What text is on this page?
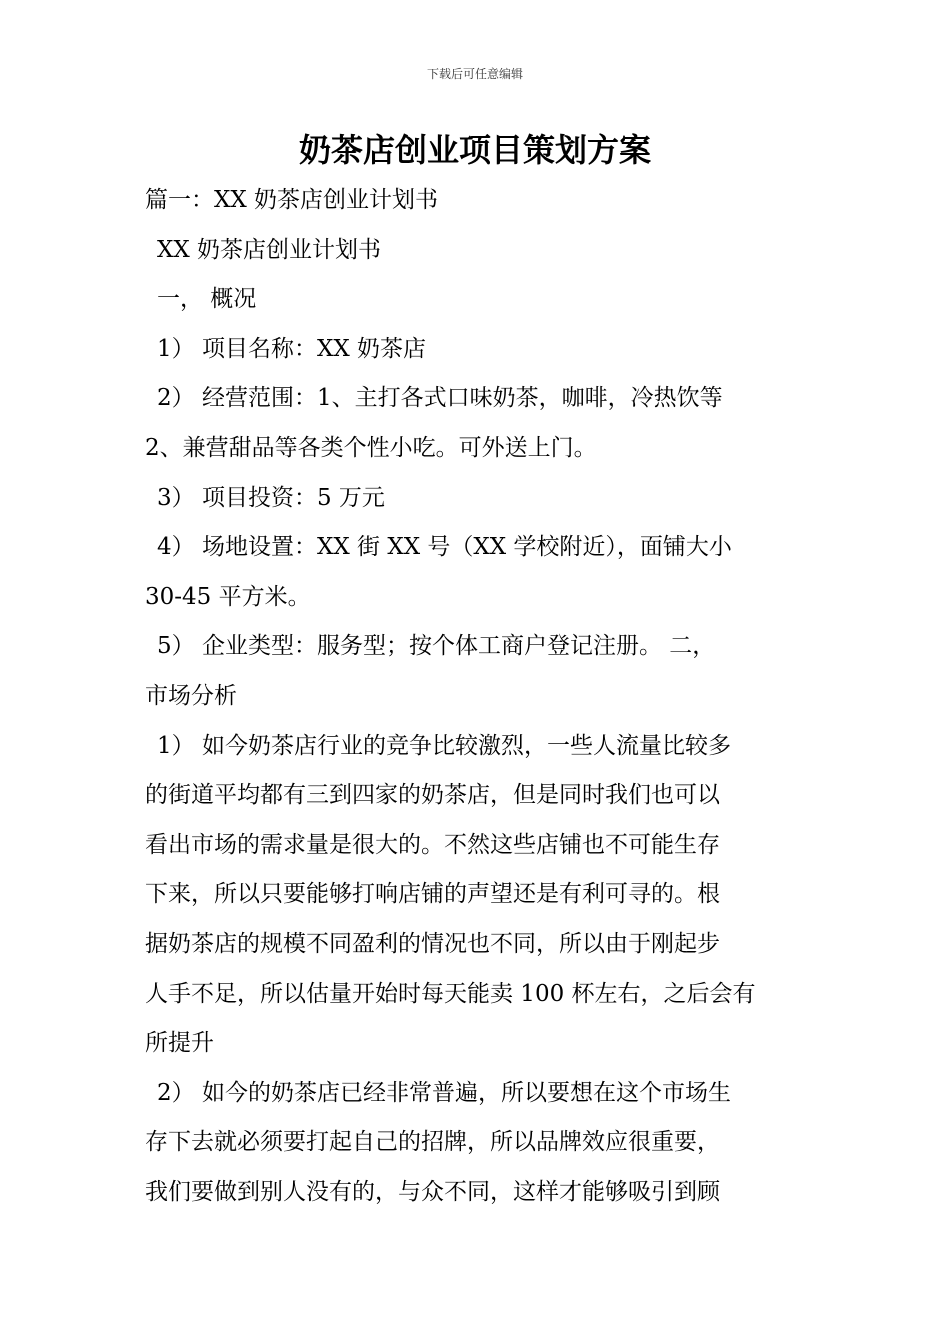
下载后可任意编辑
奶茶店创业项目策划方案

篇一：XX 奶茶店创业计划书

XX 奶茶店创业计划书

一， 概况

1） 项目名称：XX 奶茶店

2） 经营范围：1、主打各式口味奶茶，咖啡，冷热饮等

2、兼营甜品等各类个性小吃。可外送上门。

3） 项目投资：5 万元

4） 场地设置：XX 街 XX 号（XX 学校附近），面铺大小

30-45 平方米。

5） 企业类型：服务型；按个体工商户登记注册。 二，

市场分析

1） 如今奶茶店行业的竞争比较激烈，一些人流量比较多

的街道平均都有三到四家的奶茶店，但是同时我们也可以

看出市场的需求量是很大的。不然这些店铺也不可能生存

下来，所以只要能够打响店铺的声望还是有利可寻的。根

据奶茶店的规模不同盈利的情况也不同，所以由于刚起步

人手不足，所以估量开始时每天能卖 100 杯左右，之后会有

所提升

2） 如今的奶茶店已经非常普遍，所以要想在这个市场生

存下去就必须要打起自己的招牌，所以品牌效应很重要，

我们要做到别人没有的，与众不同，这样才能够吸引到顾
